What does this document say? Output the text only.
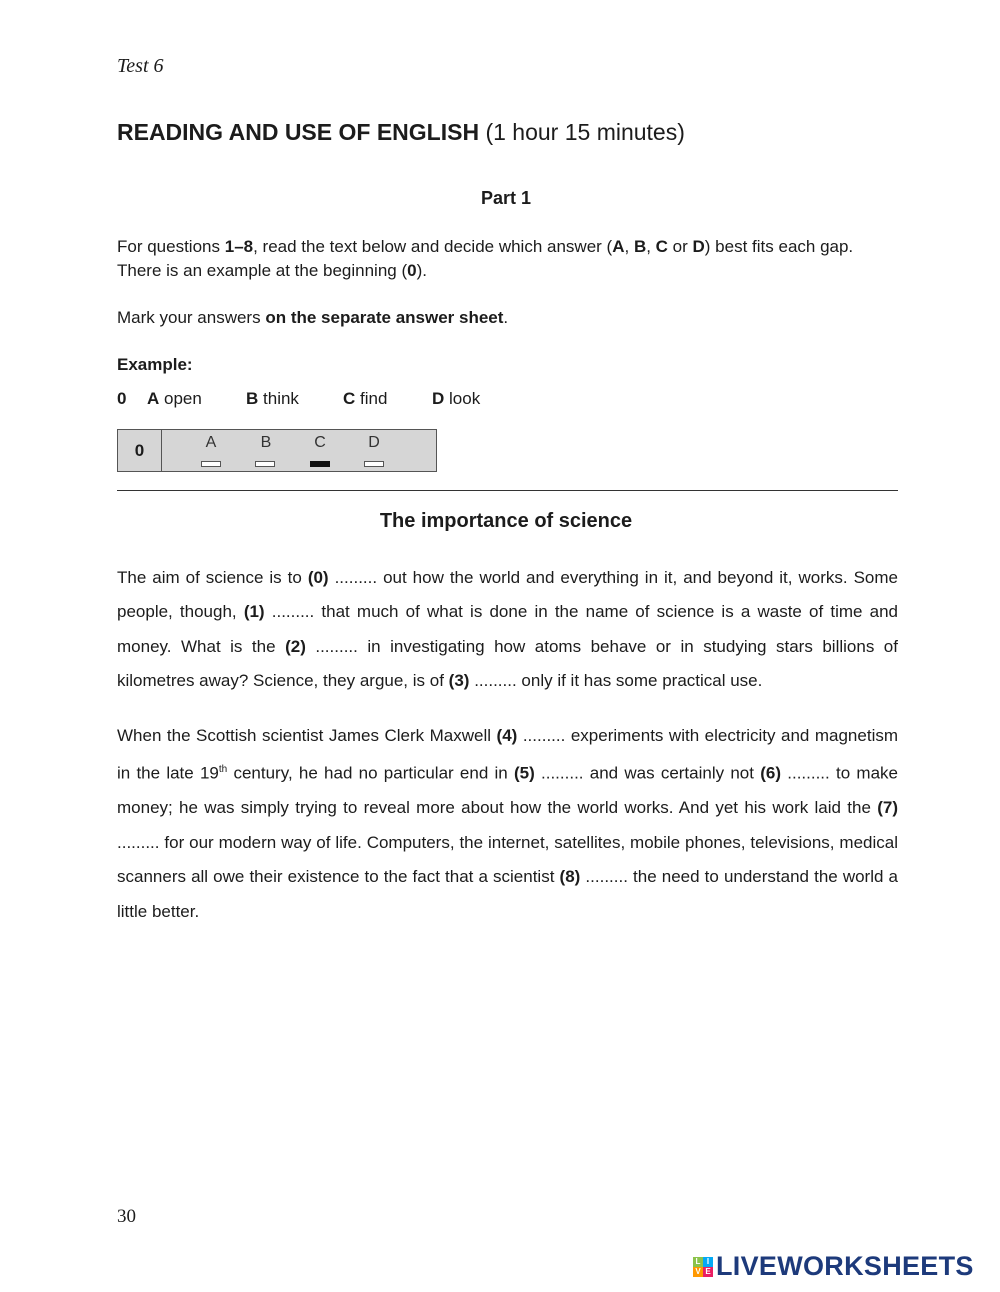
Test 6
READING AND USE OF ENGLISH (1 hour 15 minutes)
Part 1
For questions 1–8, read the text below and decide which answer (A, B, C or D) best fits each gap.
There is an example at the beginning (0).
Mark your answers on the separate answer sheet.
Example:
0 A open	B think	C find	D look
0	A	B	C	D
The importance of science
The aim of science is to (0) ......... out how the world and everything in it, and beyond it, works. Some people, though, (1) ......... that much of what is done in the name of science is a waste of time and money. What is the (2) ......... in investigating how atoms behave or in studying stars billions of kilometres away? Science, they argue, is of (3) ......... only if it has some practical use.
When the Scottish scientist James Clerk Maxwell (4) ......... experiments with electricity and magnetism in the late 19th century, he had no particular end in (5) ......... and was certainly not (6) ......... to make money; he was simply trying to reveal more about how the world works. And yet his work laid the (7) ......... for our modern way of life. Computers, the internet, satellites, mobile phones, televisions, medical scanners all owe their existence to the fact that a scientist (8) ......... the need to understand the world a little better.
30
L I
V E LIVEWORKSHEETS
